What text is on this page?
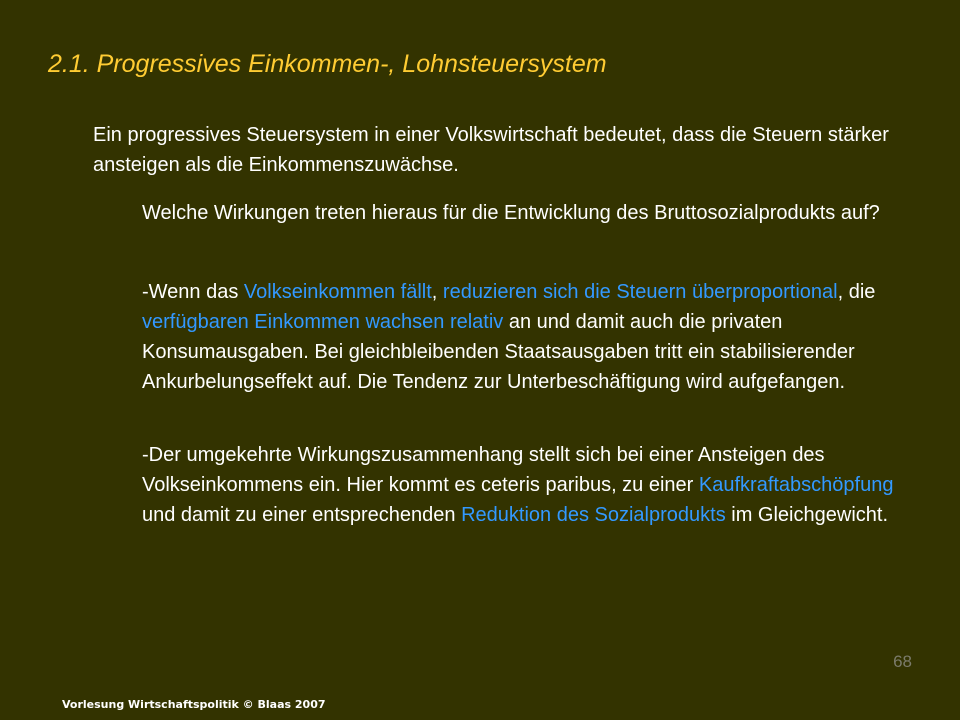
2.1. Progressives Einkommen-, Lohnsteuersystem

Ein progressives Steuersystem in einer Volkswirtschaft bedeutet, dass die Steuern stärker ansteigen als die Einkommenszuwächse.

Welche Wirkungen treten hieraus für die Entwicklung des Bruttosozialprodukts auf?

-Wenn das Volkseinkommen fällt, reduzieren sich die Steuern überproportional, die verfügbaren Einkommen wachsen relativ an und damit auch die privaten Konsumausgaben. Bei gleichbleibenden Staatsausgaben tritt ein stabilisierender Ankurbelungseffekt auf. Die Tendenz zur Unterbeschäftigung wird aufgefangen.

-Der umgekehrte Wirkungszusammenhang stellt sich bei einer Ansteigen des Volkseinkommens ein. Hier kommt es ceteris paribus, zu einer Kaufkraftabschöpfung und damit zu einer entsprechenden Reduktion des Sozialprodukts im Gleichgewicht.

68
Vorlesung Wirtschaftspolitik © Blaas 2007
